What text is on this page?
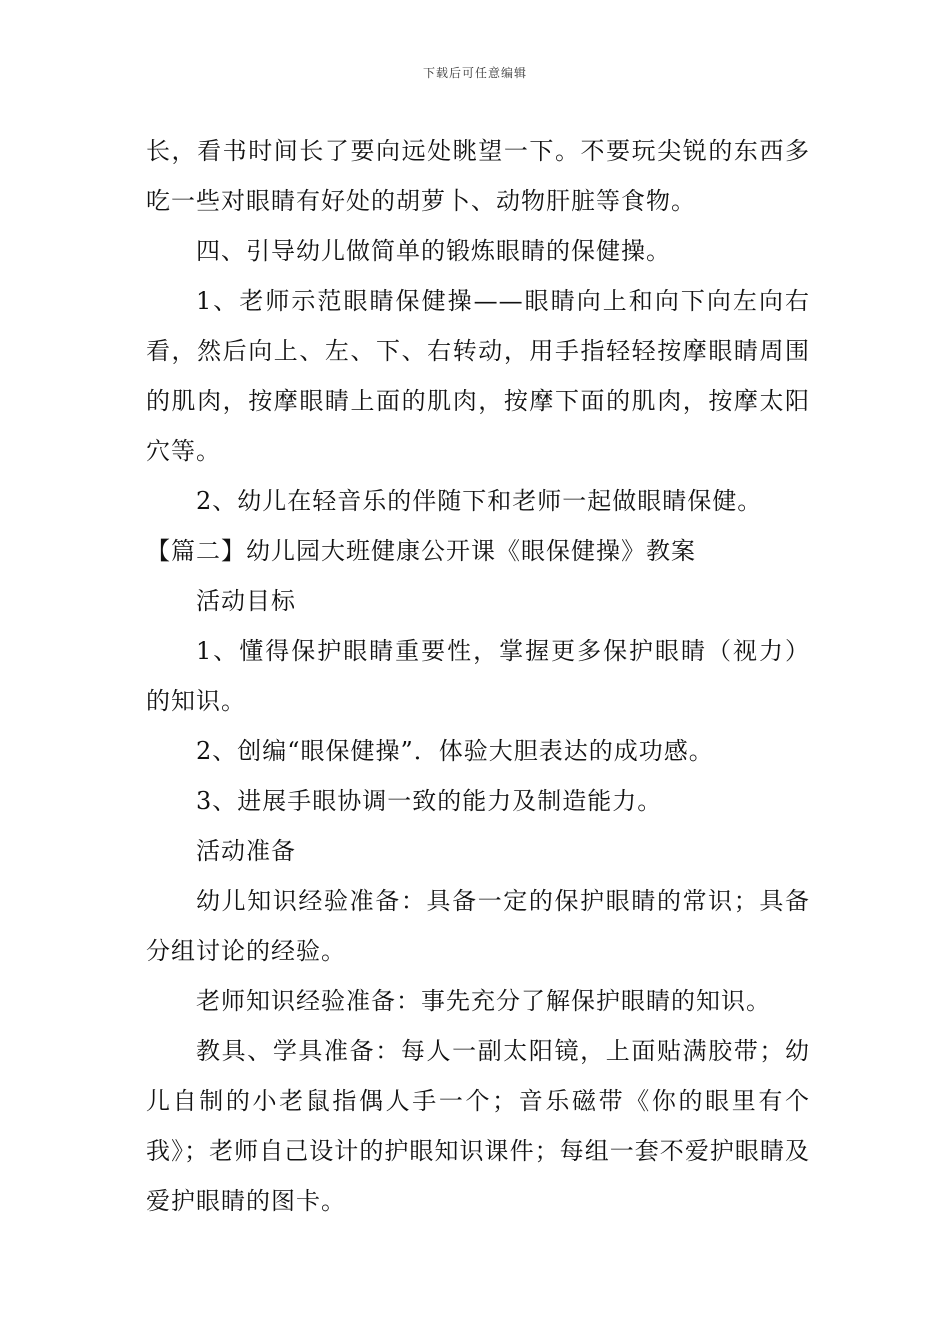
下载后可任意编辑

长，看书时间长了要向远处眺望一下。不要玩尖锐的东西多吃一些对眼睛有好处的胡萝卜、动物肝脏等食物。

四、引导幼儿做简单的锻炼眼睛的保健操。

1、老师示范眼睛保健操——眼睛向上和向下向左向右看，然后向上、左、下、右转动，用手指轻轻按摩眼睛周围的肌肉，按摩眼睛上面的肌肉，按摩下面的肌肉，按摩太阳穴等。

2、幼儿在轻音乐的伴随下和老师一起做眼睛保健。

【篇二】幼儿园大班健康公开课《眼保健操》教案

活动目标

1、懂得保护眼睛重要性，掌握更多保护眼睛（视力）的知识。

2、创编“眼保健操”．体验大胆表达的成功感。

3、进展手眼协调一致的能力及制造能力。

活动准备

幼儿知识经验准备：具备一定的保护眼睛的常识；具备分组讨论的经验。

老师知识经验准备：事先充分了解保护眼睛的知识。

教具、学具准备：每人一副太阳镜，上面贴满胶带；幼儿自制的小老鼠指偶人手一个；音乐磁带《你的眼里有个我》；老师自己设计的护眼知识课件；每组一套不爱护眼睛及爱护眼睛的图卡。
